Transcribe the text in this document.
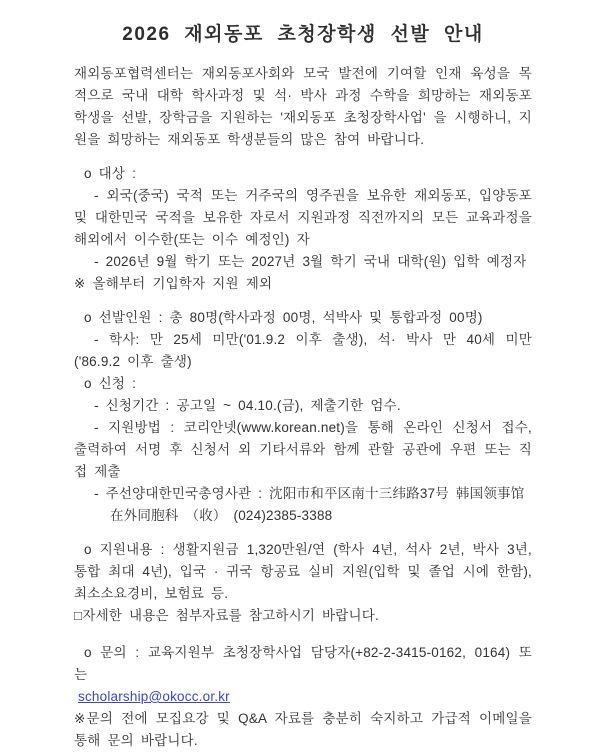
2026 재외동포 초청장학생 선발 안내

재외동포협력센터는 재외동포사회와 모국 발전에 기여할 인재 육성을 목적으로 국내 대학 학사과정 및 석· 박사 과정 수학을 희망하는 재외동포 학생을 선발, 장학금을 지원하는 '재외동포 초청장학사업' 을 시행하니, 지원을 희망하는 재외동포 학생분들의 많은 참여 바랍니다.

o 대상 :

- 외국(중국) 국적 또는 거주국의 영주권을 보유한 재외동포, 입양동포 및 대한민국 국적을 보유한 자로서 지원과정 직전까지의 모든 교육과정을 해외에서 이수한(또는 이수 예정인) 자

- 2026년 9월 학기 또는 2027년 3월 학기 국내 대학(원) 입학 예정자

※ 올해부터 기입학자 지원 제외

o 선발인원 : 총 80명(학사과정 00명, 석박사 및 통합과정 00명)

- 학사: 만 25세 미만('01.9.2 이후 출생), 석· 박사 만 40세 미만('86.9.2 이후 출생)

o 신청 :

- 신청기간 : 공고일 ~ 04.10.(금), 제출기한 엄수.

- 지원방법 : 코리안넷(www.korean.net)을 통해 온라인 신청서 접수, 출력하여 서명 후 신청서 외 기타서류와 함께 관할 공관에 우편 또는 직접 제출

- 주선양대한민국총영사관 : 沈阳市和平区南十三纬路37号 韩国领事馆

在外同胞科 （收） (024)2385-3388

o 지원내용 : 생활지원금 1,320만원/연 (학사 4년, 석사 2년, 박사 3년, 통합 최대 4년), 입국 · 귀국 항공료 실비 지원(입학 및 졸업 시에 한함), 최소소요경비, 보험료 등.

□자세한 내용은 첨부자료를 참고하시기 바랍니다.

o 문의 : 교육지원부 초청장학사업 담당자(+82-2-3415-0162, 0164) 또는

scholarship@okocc.or.kr

※문의 전에 모집요강 및 Q&A 자료를 충분히 숙지하고 가급적 이메일을 통해 문의 바랍니다.
